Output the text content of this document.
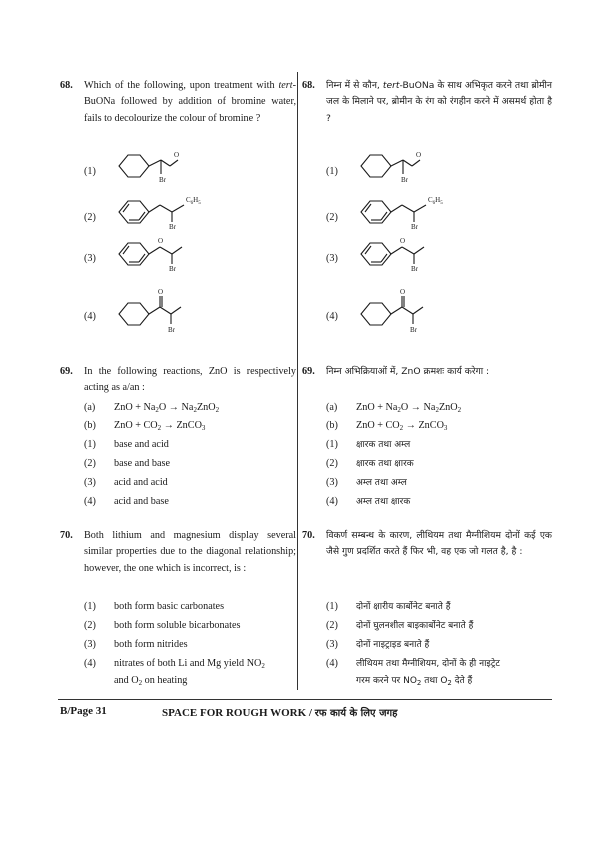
68. Which of the following, upon treatment with tert-BuONa followed by addition of bromine water, fails to decolourize the colour of bromine ?
(1)
O
Br
(2)
$C_6H_5$
Br
(3)
O
Br
(4)
O
Br
69. In the following reactions, ZnO is respectively acting as a/an :
(a) ZnO + $Na_2O \to Na_2ZnO_2$
(b) ZnO + $CO_2$ → ZnCO$_3$
(1) base and acid
(2) base and base
(3) acid and acid
(4) acid and base
70. Both lithium and magnesium display several similar properties due to the diagonal relationship; however, the one which is incorrect, is :
(1) both form basic carbonates
(2) both form soluble bicarbonates
(3) both form nitrides
(4) nitrates of both Li and Mg yield $NO_2$
and $O_2$ on heating
68. निम्न में से कौन, tert-BuONa के साथ अभिकृत करने तथा ब्रोमीन जल के मिलाने पर, ब्रोमीन के रंग को रंगहीन करने में असमर्थ होता है ?
(1)
O
Br
(2)
$C_6H_5$
Br
(3)
O
Br
(4)
O
Br
69. निम्न अभिक्रियाओं में, ZnO क्रमशः कार्य करेगा :
(a) ZnO + $Na_2O \to Na_2ZnO_2$
(b) ZnO + $CO_2$ → ZnCO$_3$
(1) क्षारक तथा अम्ल
(2) क्षारक तथा क्षारक
(3) अम्ल तथा अम्ल
(4) अम्ल तथा क्षारक
70. विकर्ण सम्बन्ध के कारण, लीथियम तथा मैग्नीशियम दोनों कई एक जैसे गुण प्रदर्शित करते हैं फिर भी, वह एक जो गलत है, है :
(1) दोनों क्षारीय कार्बोनेट बनाते हैं
(2) दोनों घुलनशील बाइकार्बोनेट बनाते हैं
(3) दोनों नाइट्राइड बनाते हैं
(4) लीथियम तथा मैग्नीशियम, दोनों के ही नाइट्रेट
गरम करने पर $NO_2$ तथा $O_2$ देते हैं
B/Page 31	SPACE FOR ROUGH WORK / रफ कार्य के लिए जगह
